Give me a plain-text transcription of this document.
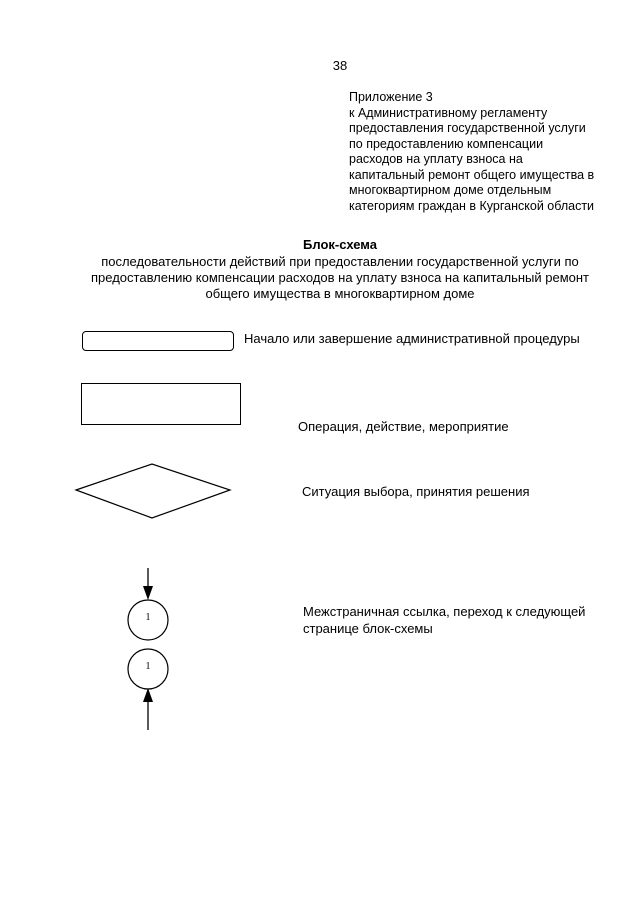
38
Приложение 3
к Административному регламенту
предоставления государственной услуги
по предоставлению компенсации
расходов на уплату взноса на
капитальный ремонт общего имущества в
многоквартирном доме отдельным
категориям граждан в Курганской области
Блок-схема
последовательности действий при предоставлении государственной услуги по
предоставлению компенсации расходов на уплату взноса на капитальный ремонт
общего имущества в многоквартирном доме
Начало или завершение административной процедуры
Операция, действие, мероприятие
Ситуация выбора, принятия решения
1
1
Межстраничная ссылка, переход к следующей
странице блок-схемы
